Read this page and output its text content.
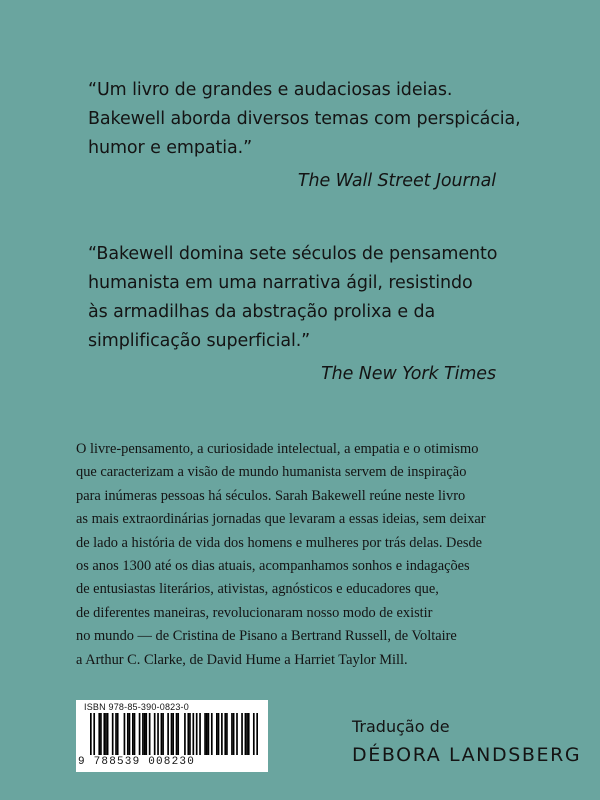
“Um livro de grandes e audaciosas ideias.
Bakewell aborda diversos temas com perspicácia,
humor e empatia.”
The Wall Street Journal
“Bakewell domina sete séculos de pensamento
humanista em uma narrativa ágil, resistindo
às armadilhas da abstração prolixa e da
simplificação superficial.”
The New York Times
O livre-pensamento, a curiosidade intelectual, a empatia e o otimismo
que caracterizam a visão de mundo humanista servem de inspiração
para inúmeras pessoas há séculos. Sarah Bakewell reúne neste livro
as mais extraordinárias jornadas que levaram a essas ideias, sem deixar
de lado a história de vida dos homens e mulheres por trás delas. Desde
os anos 1300 até os dias atuais, acompanhamos sonhos e indagações
de entusiastas literários, ativistas, agnósticos e educadores que,
de diferentes maneiras, revolucionaram nosso modo de existir
no mundo — de Cristina de Pisano a Bertrand Russell, de Voltaire
a Arthur C. Clarke, de David Hume a Harriet Taylor Mill.
ISBN 978-85-390-0823-0
9 788539 008230
Tradução de
DÉBORA LANDSBERG
